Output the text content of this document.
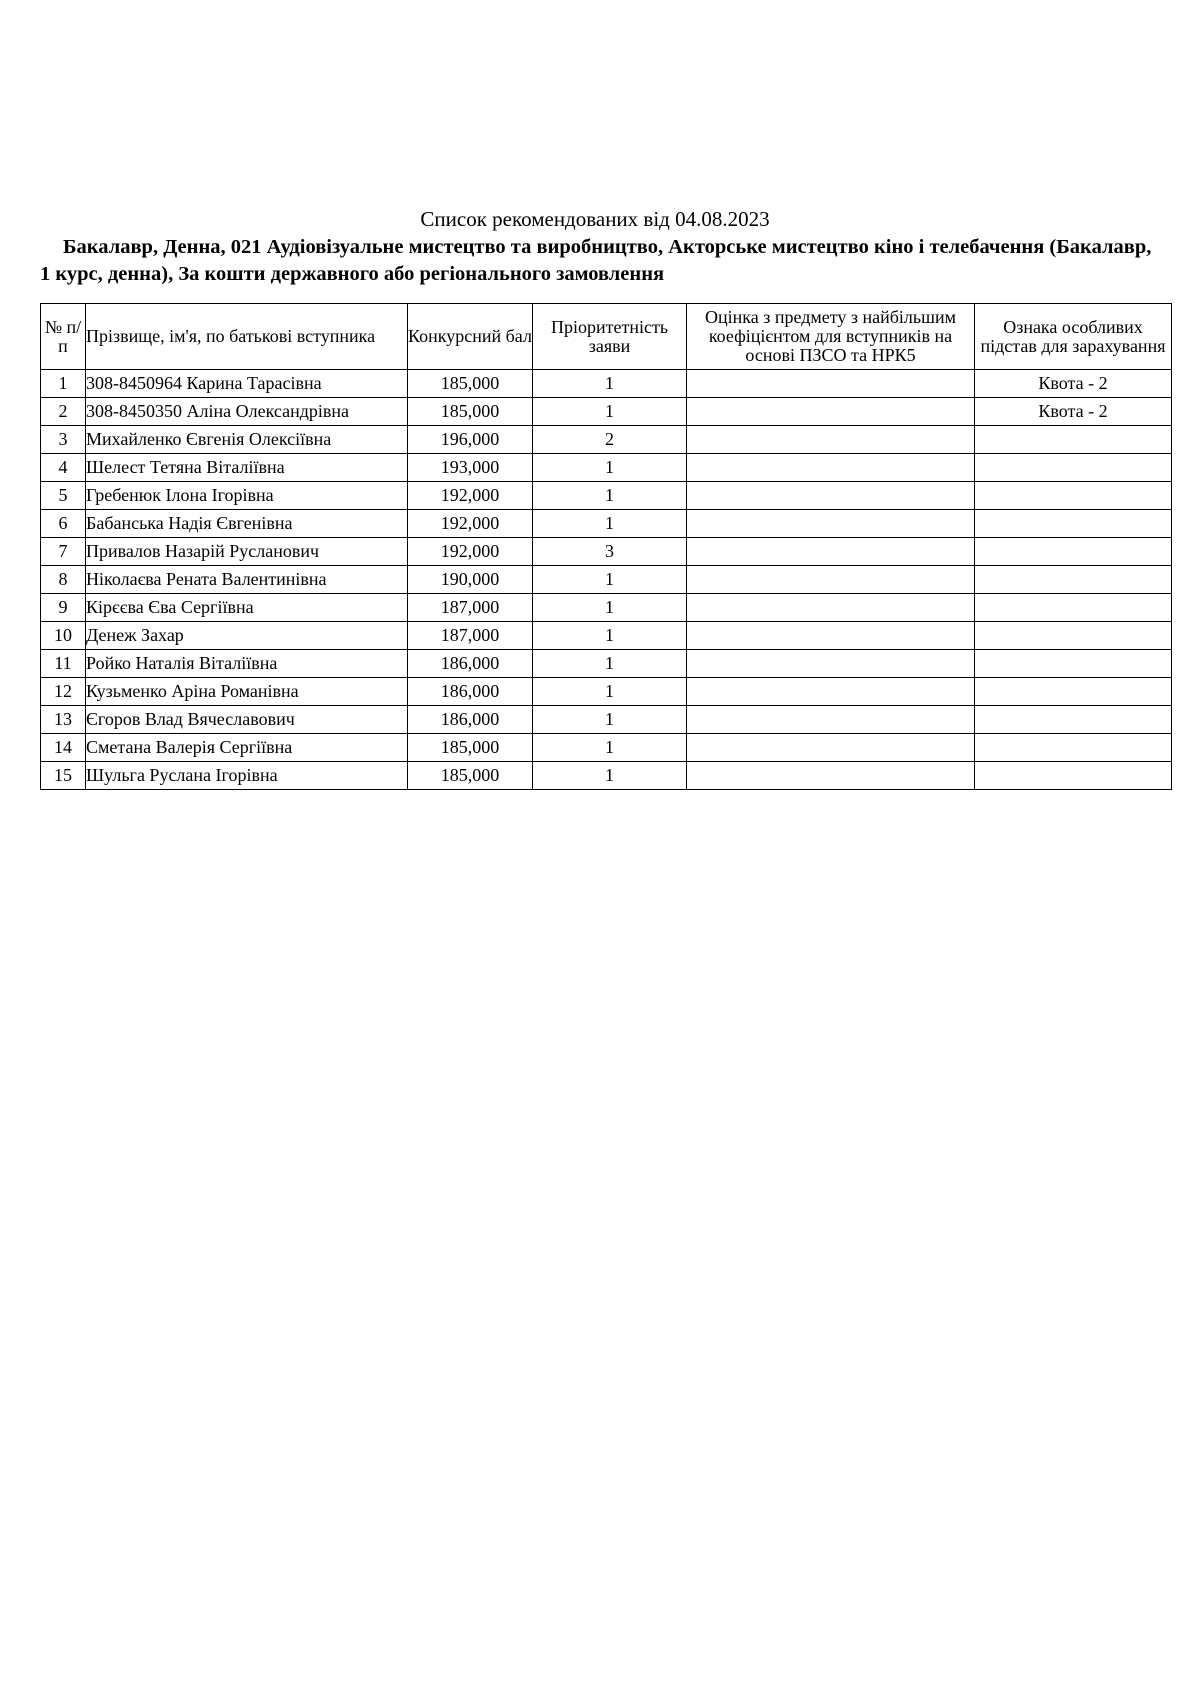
Список рекомендованих від 04.08.2023
Бакалавр, Денна, 021 Аудіовізуальне мистецтво та виробництво, Акторське мистецтво кіно і телебачення (Бакалавр, 1 курс, денна), За кошти державного або регіонального замовлення
№ п/п	Прізвище, ім'я, по батькові вступника	Конкурсний бал	Пріоритетність заяви	Оцінка з предмету з найбільшим коефіцієнтом для вступників на основі ПЗСО та НРК5	Ознака особливих підстав для зарахування
1	308-8450964 Карина Тарасівна	185,000	1		Квота - 2
2	308-8450350 Аліна Олександрівна	185,000	1		Квота - 2
3	Михайленко Євгенія Олексіївна	196,000	2		
4	Шелест Тетяна Віталіївна	193,000	1		
5	Гребенюк Ілона Ігорівна	192,000	1		
6	Бабанська Надія Євгенівна	192,000	1		
7	Привалов Назарій Русланович	192,000	3		
8	Ніколаєва Рената Валентинівна	190,000	1		
9	Кірєєва Єва Сергіївна	187,000	1		
10	Денеж Захар	187,000	1		
11	Ройко Наталія Віталіївна	186,000	1		
12	Кузьменко Аріна Романівна	186,000	1		
13	Єгоров Влад Вячеславович	186,000	1		
14	Сметана Валерія Сергіївна	185,000	1		
15	Шульга Руслана Ігорівна	185,000	1		
